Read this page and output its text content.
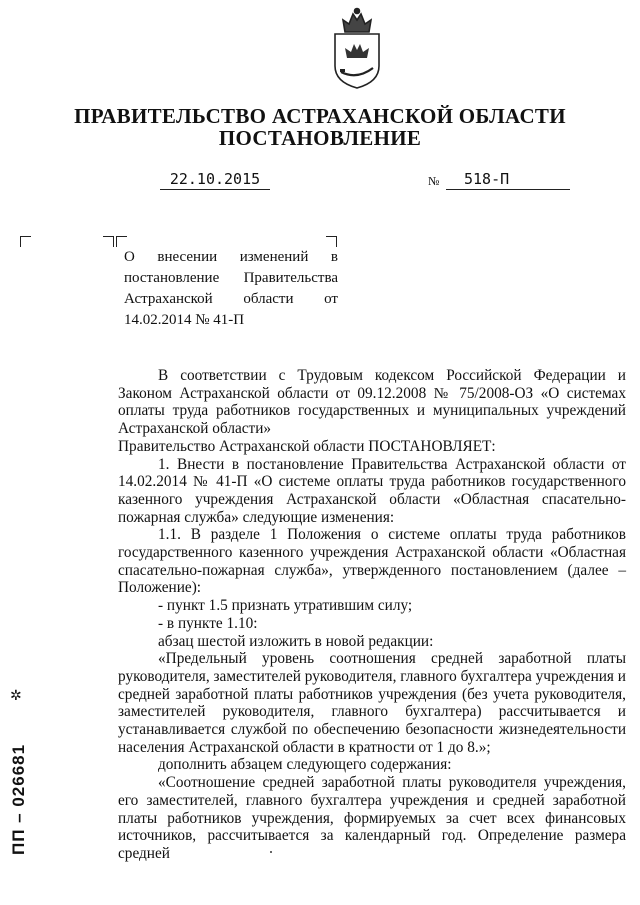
ПРАВИТЕЛЬСТВО АСТРАХАНСКОЙ ОБЛАСТИ
ПОСТАНОВЛЕНИЕ
22.10.2015	№	518-П
О внесении изменений в постановление Правительства Астраханской области от 14.02.2014 № 41-П

В соответствии с Трудовым кодексом Российской Федерации и Законом Астраханской области от 09.12.2008 № 75/2008-ОЗ «О системах оплаты труда работников государственных и муниципальных учреждений Астраханской области»

Правительство Астраханской области ПОСТАНОВЛЯЕТ:

1. Внести в постановление Правительства Астраханской области от 14.02.2014 № 41-П «О системе оплаты труда работников государственного казенного учреждения Астраханской области «Областная спасательно-пожарная служба» следующие изменения:

1.1. В разделе 1 Положения о системе оплаты труда работников государственного казенного учреждения Астраханской области «Областная спасательно-пожарная служба», утвержденного постановлением (далее – Положение):

- пункт 1.5 признать утратившим силу;

- в пункте 1.10:

абзац шестой изложить в новой редакции:

«Предельный уровень соотношения средней заработной платы руководителя, заместителей руководителя, главного бухгалтера учреждения и средней заработной платы работников учреждения (без учета руководителя, заместителей руководителя, главного бухгалтера) рассчитывается и устанавливается службой по обеспечению безопасности жизнедеятельности населения Астраханской области в кратности от 1 до 8.»;

дополнить абзацем следующего содержания:

«Соотношение средней заработной платы руководителя учреждения, его заместителей, главного бухгалтера учреждения и средней заработной платы работников учреждения, формируемых за счет всех финансовых источников, рассчитывается за календарный год. Определение размера средней

✲
ПП – 026681
